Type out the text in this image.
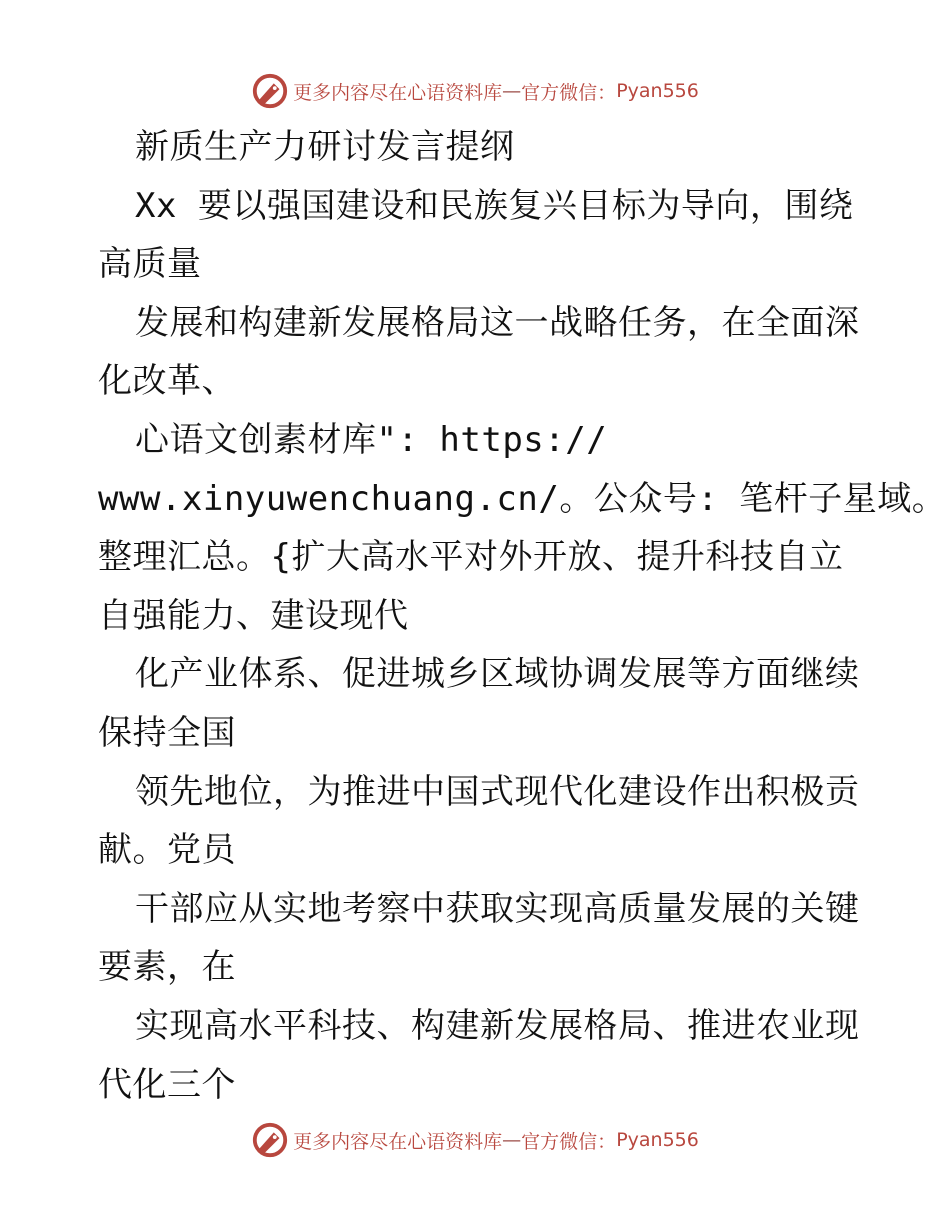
更多内容尽在心语资料库 — 官方微信： Pyan556
新质生产力研讨发言提纲
Xx 要以强国建设和民族复兴目标为导向，围绕
高质量
发展和构建新发展格局这一战略任务，在全面深
化改革、
心语文创素材库": https://
www.xinyuwenchuang.cn/。公众号: 笔杆子星域。
整理汇总。{扩大高水平对外开放、提升科技自立
自强能力、建设现代
化产业体系、促进城乡区域协调发展等方面继续
保持全国
领先地位，为推进中国式现代化建设作出积极贡
献。党员
干部应从实地考察中获取实现高质量发展的关键
要素，在
实现高水平科技、构建新发展格局、推进农业现
代化三个
更多内容尽在心语资料库 — 官方微信： Pyan556
